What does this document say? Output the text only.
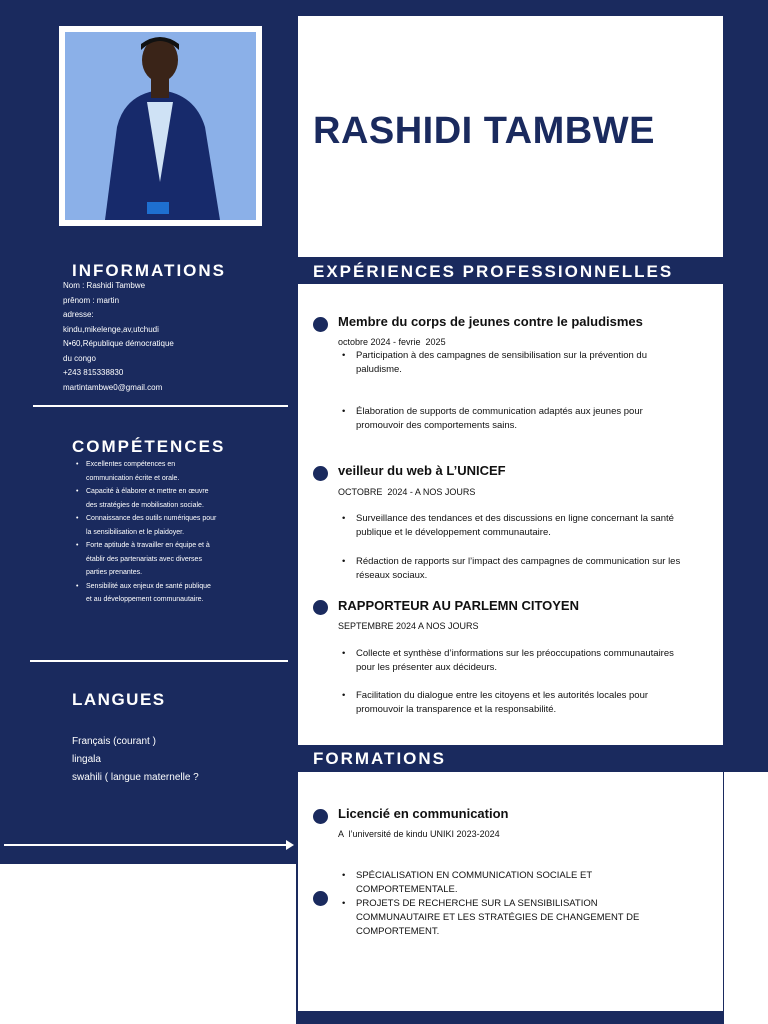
INFORMATIONS
Nom : Rashidi Tambwe
prênom : martin
adresse:
kindu,mikelenge,av,utchudi
N•60,République démocratique
du congo
+243 815338830
martintambwe0@gmail.com
COMPÉTENCES
• Excellentes compétences en communication écrite et orale.
• Capacité à élaborer et mettre en œuvre des stratégies de mobilisation sociale.
• Connaissance des outils numériques pour la sensibilisation et le plaidoyer.
• Forte aptitude à travailler en équipe et à établir des partenariats avec diverses parties prenantes.
• Sensibilité aux enjeux de santé publique et au développement communautaire.
LANGUES
Français (courant )
lingala
swahili ( langue maternelle ?
RASHIDI TAMBWE
EXPÉRIENCES PROFESSIONNELLES
Membre du corps de jeunes contre le paludismes
octobre 2024 - fevrie  2025
• Participation à des campagnes de sensibilisation sur la prévention du paludisme.
• Élaboration de supports de communication adaptés aux jeunes pour promouvoir des comportements sains.
veilleur du web à L’UNICEF
OCTOBRE  2024 - A NOS JOURS
• Surveillance des tendances et des discussions en ligne concernant la santé publique et le développement communautaire.
• Rédaction de rapports sur l’impact des campagnes de communication sur les réseaux sociaux.
RAPPORTEUR AU PARLEMN CITOYEN
SEPTEMBRE 2024 A NOS JOURS
• Collecte et synthèse d’informations sur les préoccupations communautaires pour les présenter aux décideurs.
• Facilitation du dialogue entre les citoyens et les autorités locales pour promouvoir la transparence et la responsabilité.
FORMATIONS
Licencié en communication
A  l’université de kindu UNIKI 2023-2024
• SPÉCIALISATION EN COMMUNICATION SOCIALE ET COMPORTEMENTALE.
• PROJETS DE RECHERCHE SUR LA SENSIBILISATION COMMUNAUTAIRE ET LES STRATÉGIES DE CHANGEMENT DE COMPORTEMENT.
